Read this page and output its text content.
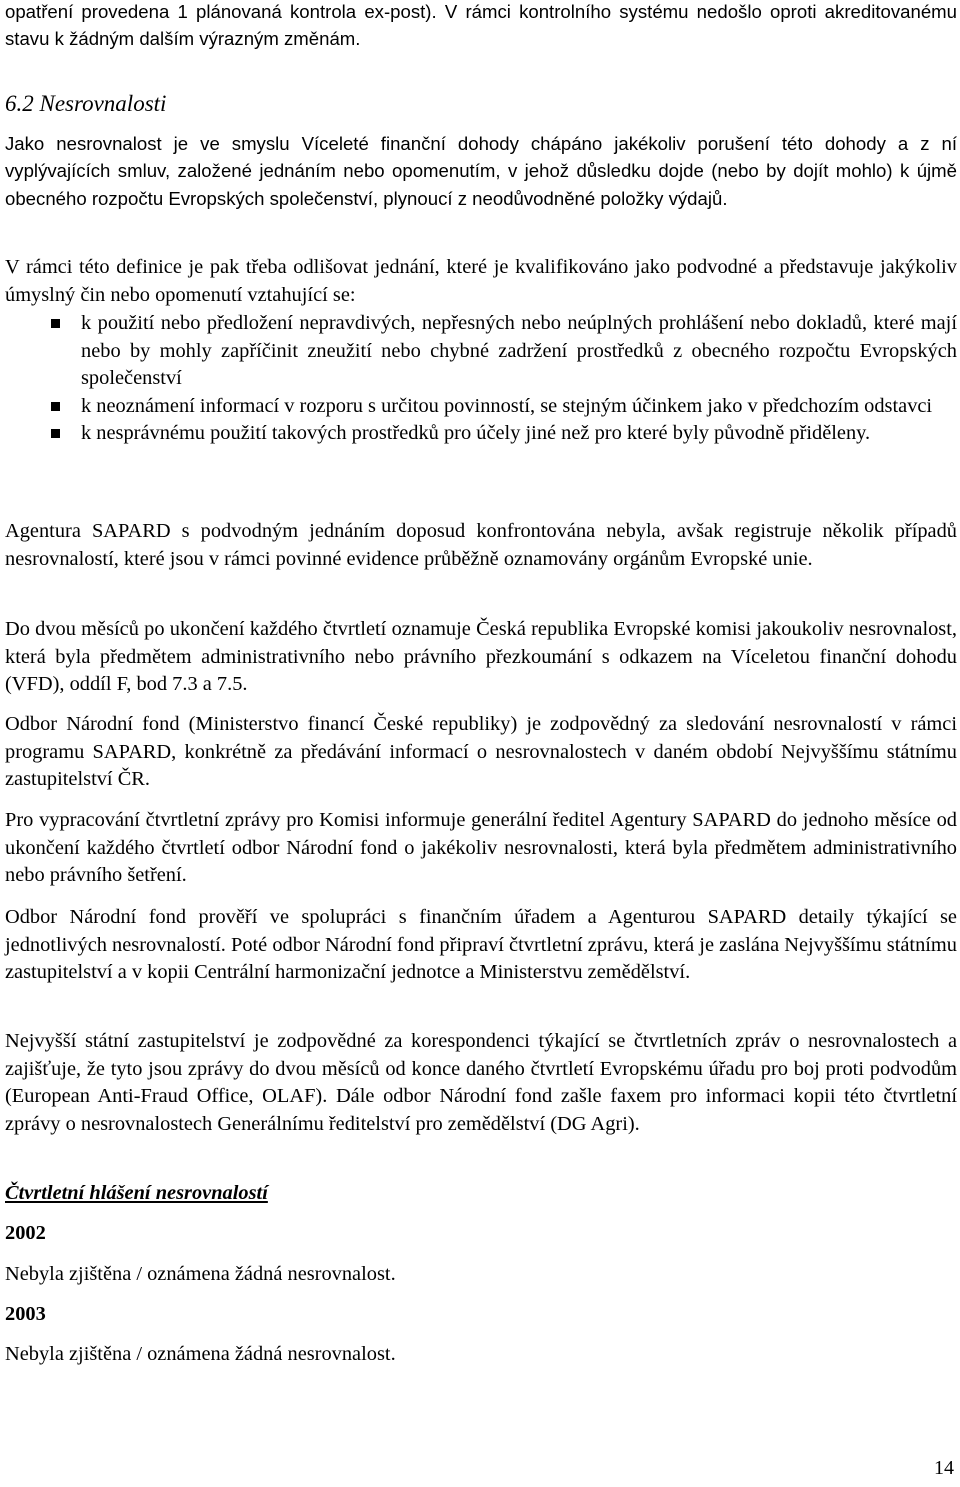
opatření provedena 1 plánovaná kontrola ex-post). V rámci kontrolního systému nedošlo oproti akreditovanému stavu k žádným dalším výrazným změnám.

6.2 Nesrovnalosti

Jako nesrovnalost je ve smyslu Víceleté finanční dohody chápáno jakékoliv porušení této dohody a z ní vyplývajících smluv, založené jednáním nebo opomenutím, v jehož důsledku dojde (nebo by dojít mohlo) k újmě obecného rozpočtu Evropských společenství, plynoucí z neodůvodněné položky výdajů.

V rámci této definice je pak třeba odlišovat jednání, které je kvalifikováno jako podvodné a představuje jakýkoliv úmyslný čin nebo opomenutí vztahující se:

k použití nebo předložení nepravdivých, nepřesných nebo neúplných prohlášení nebo dokladů, které mají nebo by mohly zapříčinit zneužití nebo chybné zadržení prostředků z obecného rozpočtu Evropských společenství
k neoznámení informací v rozporu s určitou povinností, se stejným účinkem jako v předchozím odstavci
k nesprávnému použití takových prostředků pro účely jiné než pro které byly původně přiděleny.

Agentura SAPARD s podvodným jednáním doposud konfrontována nebyla, avšak registruje několik případů nesrovnalostí, které jsou v rámci povinné evidence průběžně oznamovány orgánům Evropské unie.

Do dvou měsíců po ukončení každého čtvrtletí oznamuje Česká republika Evropské komisi jakoukoliv nesrovnalost, která byla předmětem administrativního nebo právního přezkoumání s odkazem na Víceletou finanční dohodu (VFD), oddíl F, bod 7.3 a 7.5.

Odbor Národní fond (Ministerstvo financí České republiky) je zodpovědný za sledování nesrovnalostí v rámci programu SAPARD, konkrétně za předávání informací o nesrovnalostech v daném období Nejvyššímu státnímu zastupitelství ČR.

Pro vypracování čtvrtletní zprávy pro Komisi informuje generální ředitel Agentury SAPARD do jednoho měsíce od ukončení každého čtvrtletí odbor Národní fond o jakékoliv nesrovnalosti, která byla předmětem administrativního nebo právního šetření.

Odbor Národní fond prověří ve spolupráci s finančním úřadem a Agenturou SAPARD detaily týkající se jednotlivých nesrovnalostí. Poté odbor Národní fond připraví čtvrtletní zprávu, která je zaslána Nejvyššímu státnímu zastupitelství a v kopii Centrální harmonizační jednotce a Ministerstvu zemědělství.

Nejvyšší státní zastupitelství je zodpovědné za korespondenci týkající se čtvrtletních zpráv o nesrovnalostech a zajišťuje, že tyto jsou zprávy do dvou měsíců od konce daného čtvrtletí Evropskému úřadu pro boj proti podvodům (European Anti-Fraud Office, OLAF). Dále odbor Národní fond zašle faxem pro informaci kopii této čtvrtletní zprávy o nesrovnalostech Generálnímu ředitelství pro zemědělství (DG Agri).

Čtvrtletní hlášení nesrovnalostí
2002

Nebyla zjištěna / oznámena žádná nesrovnalost.

2003

Nebyla zjištěna / oznámena žádná nesrovnalost.

14
